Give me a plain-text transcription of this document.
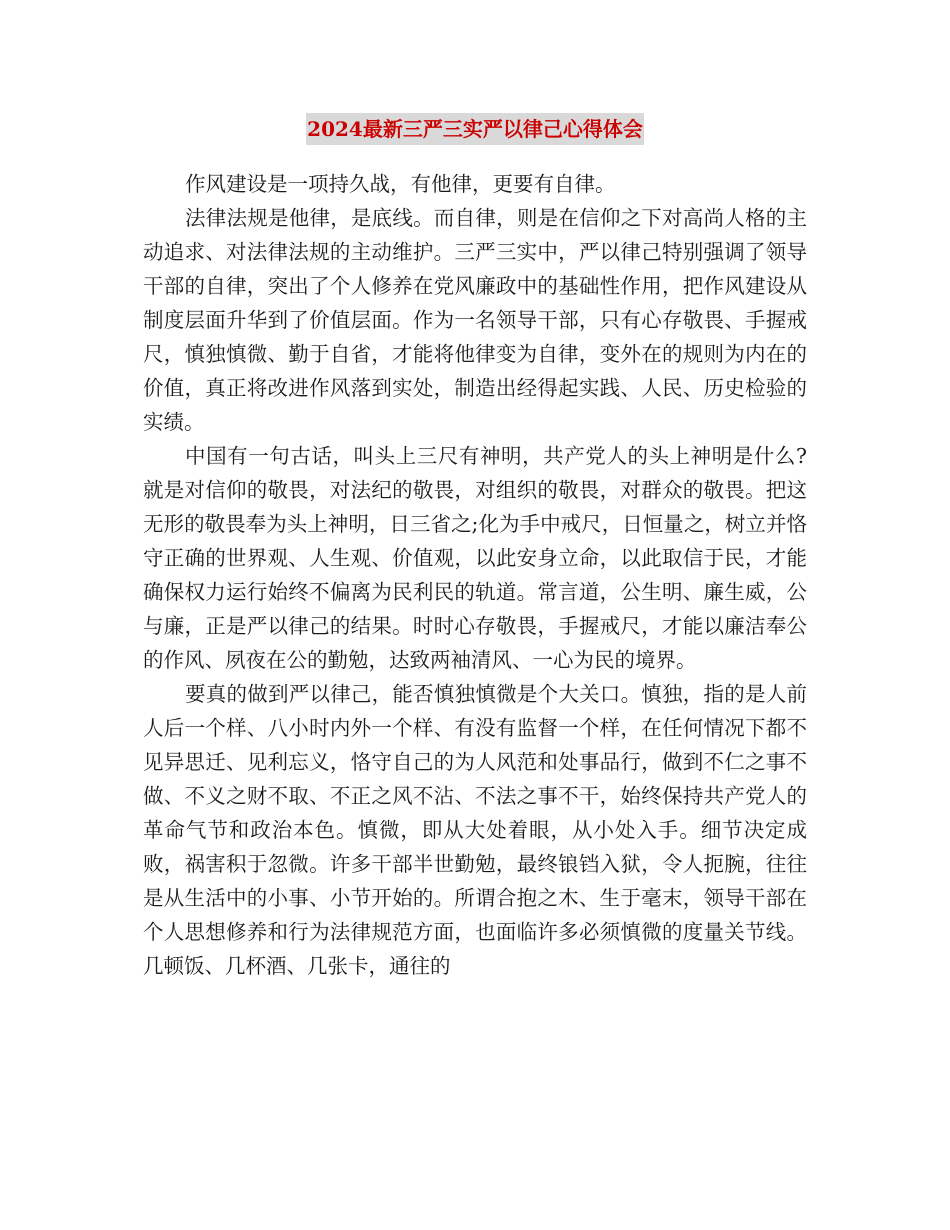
2024最新三严三实严以律己心得体会

作风建设是一项持久战，有他律，更要有自律。

法律法规是他律，是底线。而自律，则是在信仰之下对高尚人格的主动追求、对法律法规的主动维护。三严三实中，严以律己特别强调了领导干部的自律，突出了个人修养在党风廉政中的基础性作用，把作风建设从制度层面升华到了价值层面。作为一名领导干部，只有心存敬畏、手握戒尺，慎独慎微、勤于自省，才能将他律变为自律，变外在的规则为内在的价值，真正将改进作风落到实处，制造出经得起实践、人民、历史检验的实绩。

中国有一句古话，叫头上三尺有神明，共产党人的头上神明是什么?就是对信仰的敬畏，对法纪的敬畏，对组织的敬畏，对群众的敬畏。把这无形的敬畏奉为头上神明，日三省之;化为手中戒尺，日恒量之，树立并恪守正确的世界观、人生观、价值观，以此安身立命，以此取信于民，才能确保权力运行始终不偏离为民利民的轨道。常言道，公生明、廉生威，公与廉，正是严以律己的结果。时时心存敬畏，手握戒尺，才能以廉洁奉公的作风、夙夜在公的勤勉，达致两袖清风、一心为民的境界。

要真的做到严以律己，能否慎独慎微是个大关口。慎独，指的是人前人后一个样、八小时内外一个样、有没有监督一个样，在任何情况下都不见异思迁、见利忘义，恪守自己的为人风范和处事品行，做到不仁之事不做、不义之财不取、不正之风不沾、不法之事不干，始终保持共产党人的革命气节和政治本色。慎微，即从大处着眼，从小处入手。细节决定成败，祸害积于忽微。许多干部半世勤勉，最终锒铛入狱，令人扼腕，往往是从生活中的小事、小节开始的。所谓合抱之木、生于毫末，领导干部在个人思想修养和行为法律规范方面，也面临许多必须慎微的度量关节线。几顿饭、几杯酒、几张卡，通往的
